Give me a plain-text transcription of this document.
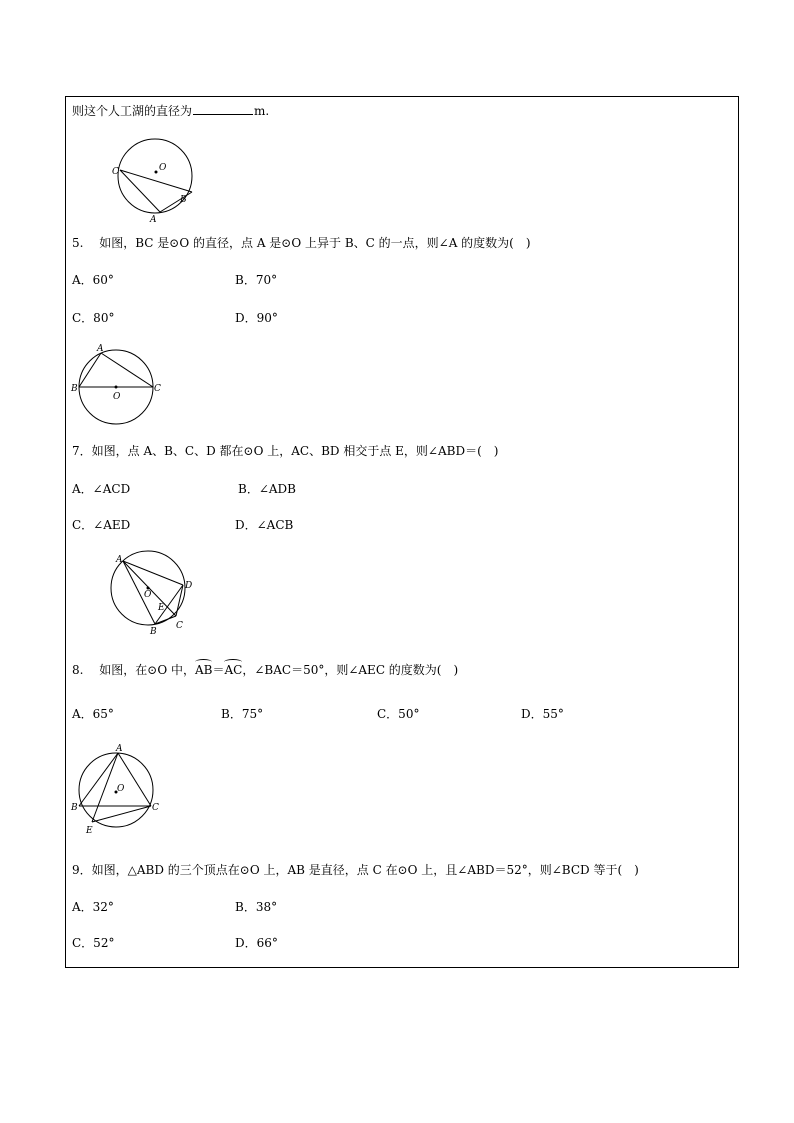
则这个人工湖的直径为	m.
O
C
A
B
5.　 如图，BC 是⊙O 的直径，点 A 是⊙O 上异于 B、C 的一点，则∠A 的度数为(　)
A．60°	B．70°
C．80°	D．90°
A
B	C
O
7．如图，点 A、B、C、D 都在⊙O 上，AC、BD 相交于点 E，则∠ABD＝(　)
A．∠ACD	B．∠ADB
C．∠AED	D．∠ACB
A
D
O
E
B
C
8.　 如图，在⊙O 中，AB＝AC，∠BAC＝50°，则∠AEC 的度数为(　)
A．65°	B．75°	C．50°	D．55°
A
O
B	C
E
9．如图，△ABD 的三个顶点在⊙O 上，AB 是直径，点 C 在⊙O 上，且∠ABD＝52°，则∠BCD 等于(　)
A．32°	B．38°
C．52°	D．66°
